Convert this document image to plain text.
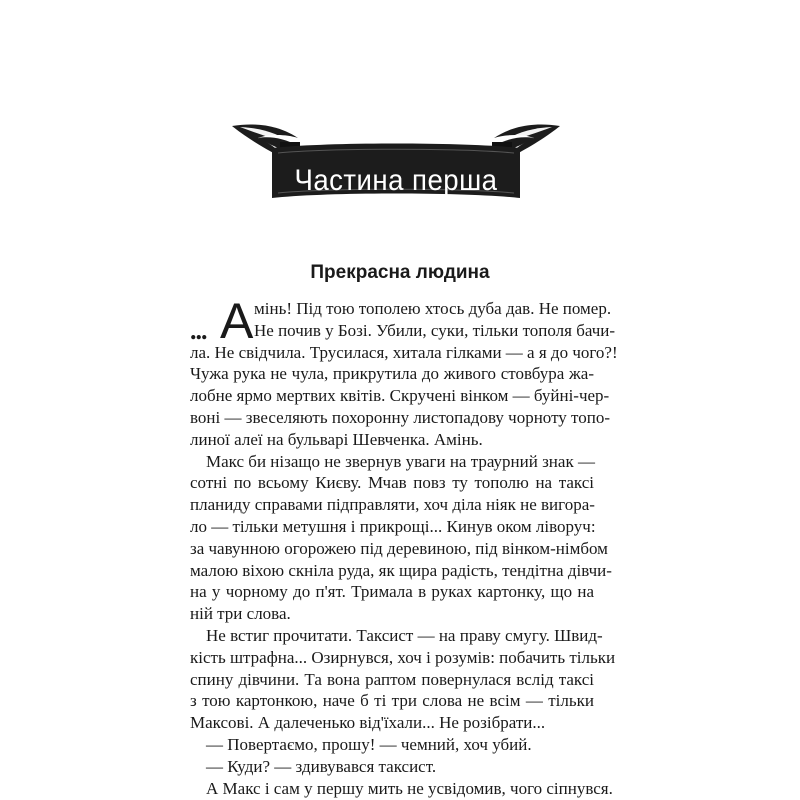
Частина перша
Прекрасна людина
... А мінь! Під тою тополею хтось дуба дав. Не помер.
Не почив у Бозі. Убили, суки, тільки тополя бачи-
ла. Не свідчила. Трусилася, хитала гілками — а я до чого?!
Чужа рука не чула, прикрутила до живого стовбура жа-
лобне ярмо мертвих квітів. Скручені вінком — буйні-чер-
воні — звеселяють похоронну листопадову чорноту топо-
линої алеї на бульварі Шевченка. Амінь.
Макс би нізащо не звернув уваги на траурний знак —
сотні по всьому Києву. Мчав повз ту тополю на таксі
планиду справами підправляти, хоч діла ніяк не вигора-
ло — тільки метушня і прикрощі... Кинув оком ліворуч:
за чавунною огорожею під деревиною, під вінком-німбом
малою віхою скніла руда, як щира радість, тендітна дівчи-
на у чорному до п'ят. Тримала в руках картонку, що на
ній три слова.
Не встиг прочитати. Таксист — на праву смугу. Швид-
кість штрафна... Озирнувся, хоч і розумів: побачить тільки
спину дівчини. Та вона раптом повернулася вслід таксі
з тою картонкою, наче б ті три слова не всім — тільки
Максові. А далеченько від'їхали... Не розібрати...
— Повертаємо, прошу! — чемний, хоч убий.
— Куди? — здивувався таксист.
А Макс і сам у першу мить не усвідомив, чого сіпнувся.
